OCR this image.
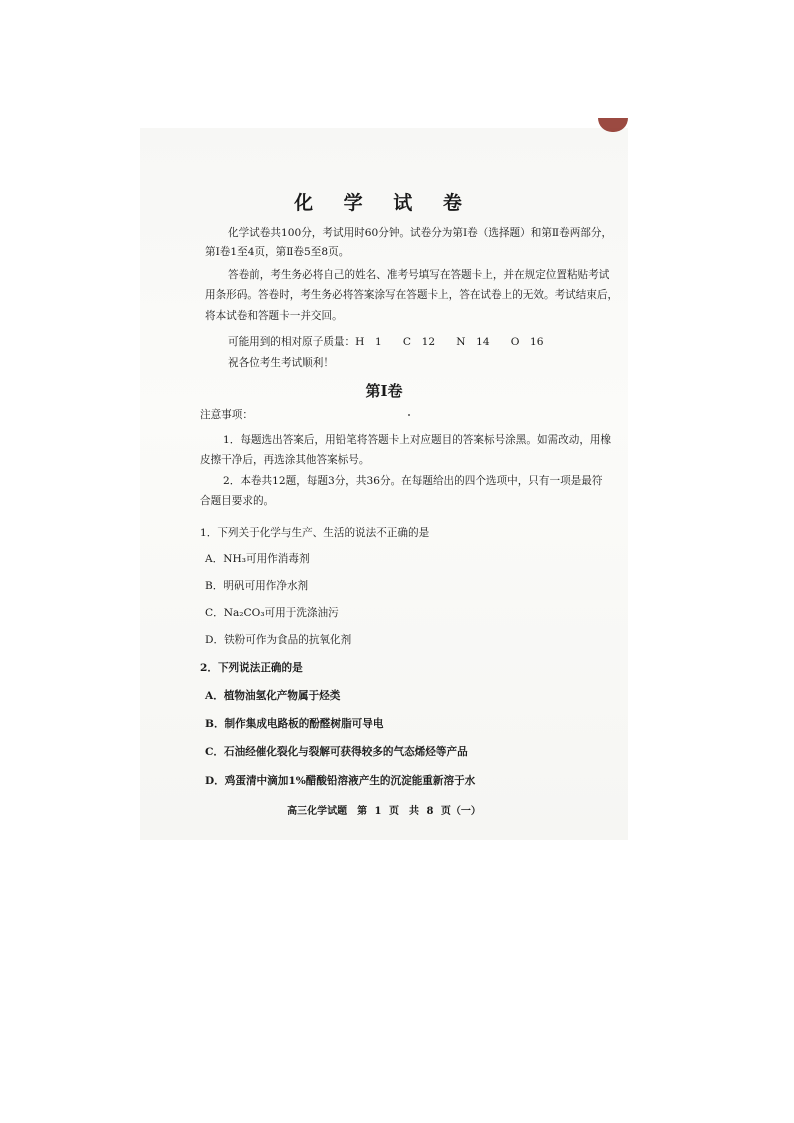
化 学 试 卷
化学试卷共100分，考试用时60分钟。试卷分为第Ⅰ卷（选择题）和第Ⅱ卷两部分，
第Ⅰ卷1至4页，第Ⅱ卷5至8页。
答卷前，考生务必将自己的姓名、准考号填写在答题卡上，并在规定位置粘贴考试
用条形码。答卷时，考生务必将答案涂写在答题卡上，答在试卷上的无效。考试结束后，
将本试卷和答题卡一并交回。
可能用到的相对原子质量：H　1　　C　12　　N　14　　O　16
祝各位考生考试顺利！
第Ⅰ卷
注意事项：
1．每题选出答案后，用铅笔将答题卡上对应题目的答案标号涂黑。如需改动，用橡
皮擦干净后，再选涂其他答案标号。
2．本卷共12题，每题3分，共36分。在每题给出的四个选项中，只有一项是最符
合题目要求的。
1．下列关于化学与生产、生活的说法不正确的是
A．NH₃可用作消毒剂
B．明矾可用作净水剂
C．Na₂CO₃可用于洗涤油污
D．铁粉可作为食品的抗氧化剂
2．下列说法正确的是
A．植物油氢化产物属于烃类
B．制作集成电路板的酚醛树脂可导电
C．石油经催化裂化与裂解可获得较多的气态烯烃等产品
D．鸡蛋清中滴加1%醋酸铅溶液产生的沉淀能重新溶于水
高三化学试题　第 1 页　共 8 页（一）
